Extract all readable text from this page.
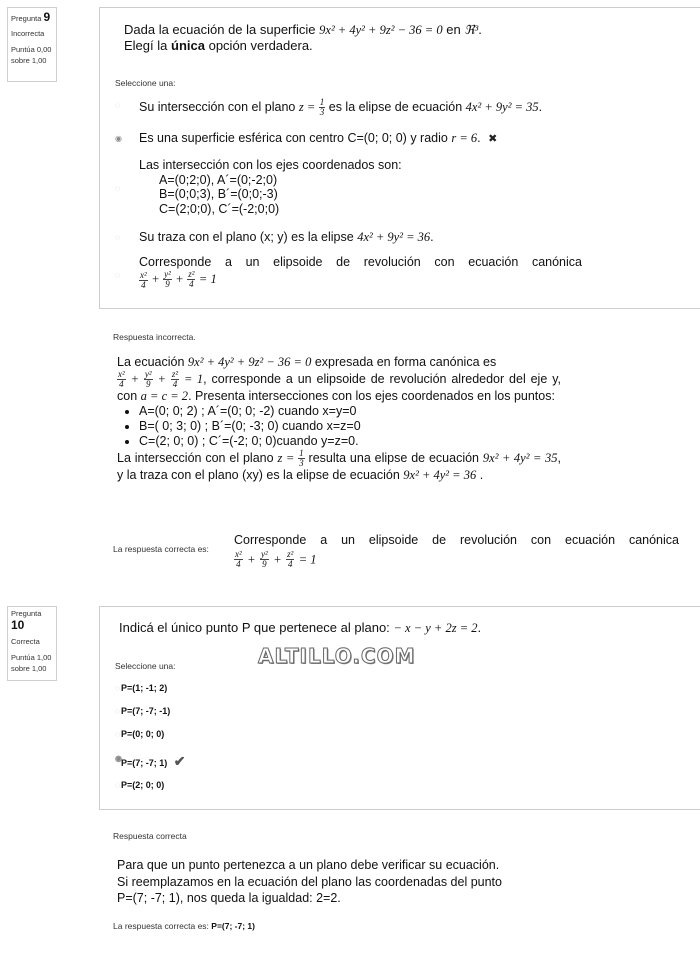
Pregunta 9
Incorrecta
Puntúa 0,00
sobre 1,00
Dada la ecuación de la superficie 9x² + 4y² + 9z² − 36 = 0 en ℜ³.
Elegí la única opción verdadera.
Seleccione una:
◌ Su intersección con el plano $z = \frac{1}{3}$ es la elipse de ecuación 4x² + 9y² = 35.
◉ Es una superficie esférica con centro C=(0; 0; 0) y radio r = 6. ✖
◌
Las intersección con los ejes coordenados son:
A=(0;2;0), A´=(0;-2;0)
B=(0;0;3), B´=(0;0;-3)
C=(2;0;0), C´=(-2;0;0)
◌ Su traza con el plano (x; y) es la elipse 4x² + 9y² = 36.
◌
Corresponde a un elipsoide de revolución con ecuación canónica

$\frac{\text{x²}}{4} + \frac{\text{y²}}{9} + \frac{\text{z²}}{4} = 1$
Respuesta incorrecta.
La ecuación 9x² + 4y² + 9z² − 36 = 0 expresada en forma canónica es

$\frac{\text{x²}}{4} + \frac{\text{y²}}{9} + \frac{\text{z²}}{4} = 1$, corresponde a un elipsoide de revolución alrededor del eje y, con a = c = 2. Presenta intersecciones con los ejes coordenados en los puntos:
• A=(0; 0; 2) ; A´=(0; 0; -2) cuando x=y=0
• B=( 0; 3; 0) ; B´=(0; -3; 0) cuando x=z=0
• C=(2; 0; 0) ; C´=(-2; 0; 0)cuando y=z=0.
La intersección con el plano $z = \frac{1}{3}$ resulta una elipse de ecuación 9x² + 4y² = 35, y la traza con el plano (xy) es la elipse de ecuación 9x² + 4y² = 36 .
La respuesta correcta es:
Corresponde a un elipsoide de revolución con ecuación canónica
$\frac{\text{x²}}{4} + \frac{\text{y²}}{9} + \frac{\text{z²}}{4} = 1$
Pregunta 10
Correcta
Puntúa 1,00
sobre 1,00
Indicá el único punto P que pertenece al plano: − x − y + 2z = 2.
Seleccione una:
◌ P=(1; -1; 2)
◌ P=(7; -7; -1)
◌ P=(0; 0; 0)
◉ P=(7; -7; 1) ✔
◌ P=(2; 0; 0)
ALTILLO.COM
Respuesta correcta
Para que un punto pertenezca a un plano debe verificar su ecuación.
Si reemplazamos en la ecuación del plano las coordenadas del punto
P=(7; -7; 1), nos queda la igualdad: 2=2.
La respuesta correcta es: P=(7; -7; 1)
